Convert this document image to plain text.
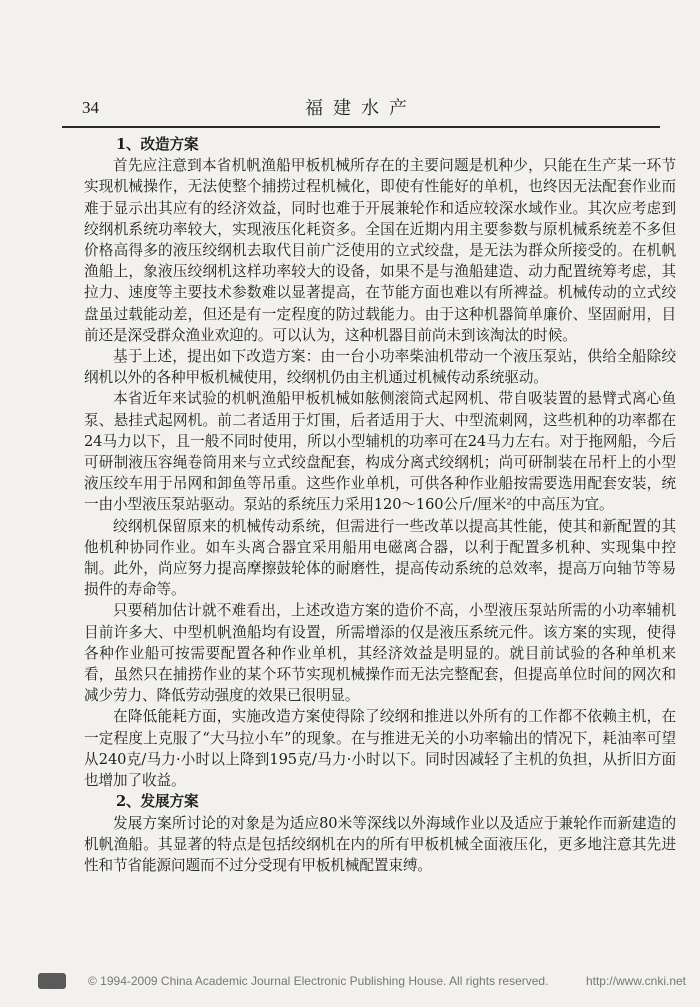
34	福建水产
1、改造方案

首先应注意到本省机帆渔船甲板机械所存在的主要问题是机种少，只能在生产某一环节实现机械操作，无法使整个捕捞过程机械化，即使有性能好的单机，也终因无法配套作业而难于显示出其应有的经济效益，同时也难于开展兼轮作和适应较深水域作业。其次应考虑到绞纲机系统功率较大，实现液压化耗资多。全国在近期内用主要参数与原机械系统差不多但价格高得多的液压绞纲机去取代目前广泛使用的立式绞盘，是无法为群众所接受的。在机帆渔船上，象液压绞纲机这样功率较大的设备，如果不是与渔船建造、动力配置统筹考虑，其拉力、速度等主要技术参数难以显著提高，在节能方面也难以有所裨益。机械传动的立式绞盘虽过载能动差，但还是有一定程度的防过载能力。由于这种机器简单廉价、坚固耐用，目前还是深受群众渔业欢迎的。可以认为，这种机器目前尚未到该淘汰的时候。

基于上述，提出如下改造方案：由一台小功率柴油机带动一个液压泵站，供给全船除绞纲机以外的各种甲板机械使用，绞纲机仍由主机通过机械传动系统驱动。

本省近年来试验的机帆渔船甲板机械如舷侧滚筒式起网机、带自吸装置的悬臂式离心鱼泵、悬挂式起网机。前二者适用于灯围，后者适用于大、中型流刺网，这些机种的功率都在24马力以下，且一般不同时使用，所以小型辅机的功率可在24马力左右。对于拖网船，今后可研制液压容绳卷筒用来与立式绞盘配套，构成分离式绞纲机；尚可研制装在吊杆上的小型液压绞车用于吊网和卸鱼等吊重。这些作业单机，可供各种作业船按需要选用配套安装，统一由小型液压泵站驱动。泵站的系统压力采用120～160公斤/厘米²的中高压为宜。

绞纲机保留原来的机械传动系统，但需进行一些改革以提高其性能，使其和新配置的其他机种协同作业。如车头离合器宜采用船用电磁离合器，以利于配置多机种、实现集中控制。此外，尚应努力提高摩擦鼓轮体的耐磨性，提高传动系统的总效率，提高万向轴节等易损件的寿命等。

只要稍加估计就不难看出，上述改造方案的造价不高，小型液压泵站所需的小功率辅机目前许多大、中型机帆渔船均有设置，所需增添的仅是液压系统元件。该方案的实现，使得各种作业船可按需要配置各种作业单机，其经济效益是明显的。就目前试验的各种单机来看，虽然只在捕捞作业的某个环节实现机械操作而无法完整配套，但提高单位时间的网次和减少劳力、降低劳动强度的效果已很明显。

在降低能耗方面，实施改造方案使得除了绞纲和推进以外所有的工作都不依赖主机，在一定程度上克服了“大马拉小车”的现象。在与推进无关的小功率输出的情况下，耗油率可望从240克/马力·小时以上降到195克/马力·小时以下。同时因减轻了主机的负担，从折旧方面也增加了收益。

2、发展方案

发展方案所讨论的对象是为适应80米等深线以外海域作业以及适应于兼轮作而新建造的机帆渔船。其显著的特点是包括绞纲机在内的所有甲板机械全面液压化，更多地注意其先进性和节省能源问题而不过分受现有甲板机械配置束缚。

© 1994-2009 China Academic Journal Electronic Publishing House. All rights reserved.	http://www.cnki.net
